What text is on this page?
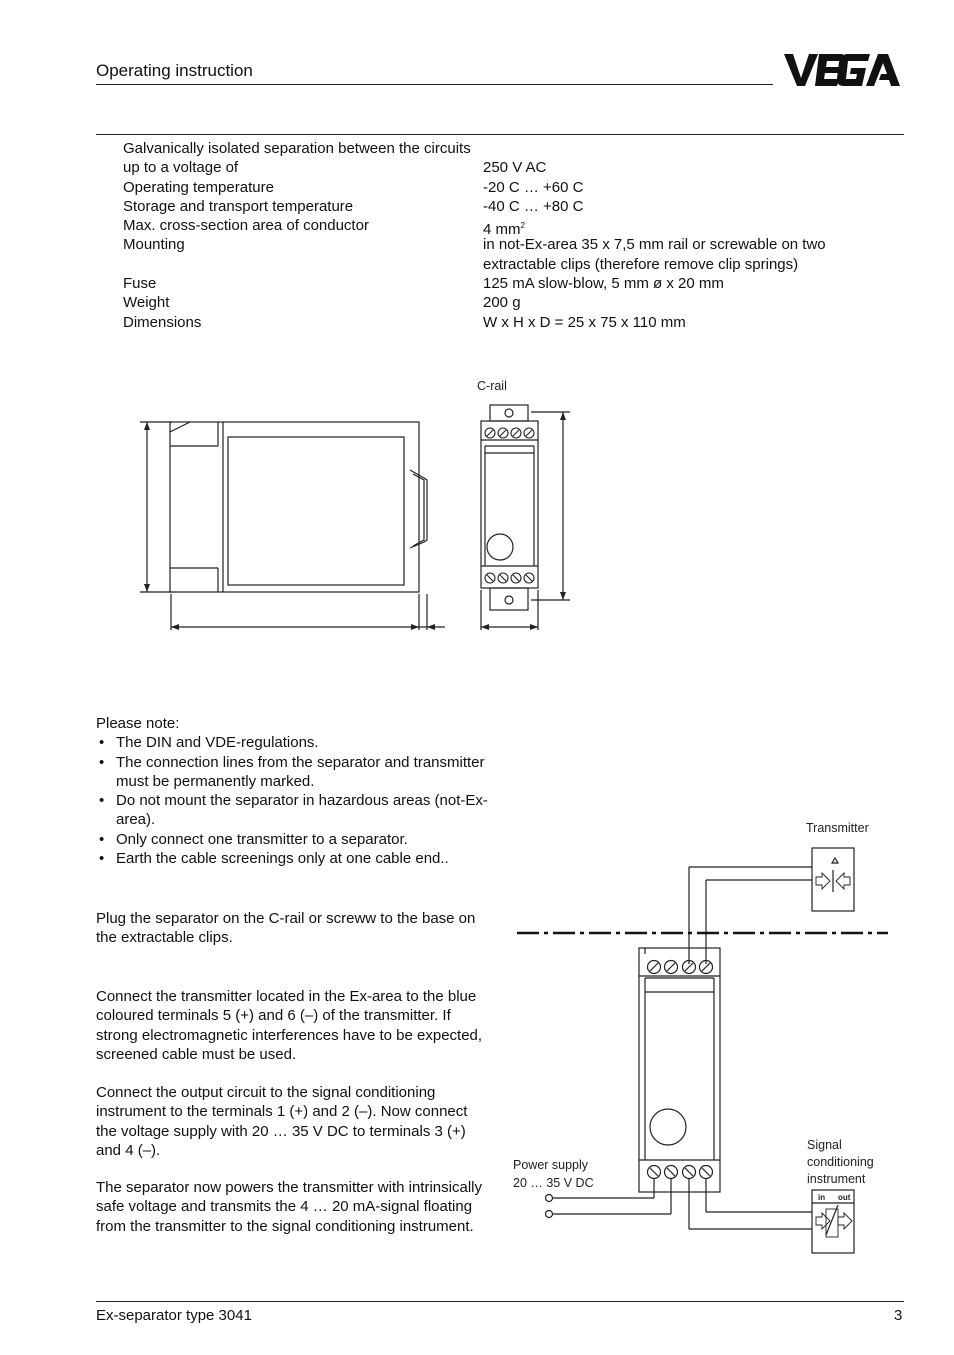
Operating instruction
Galvanically isolated separation between the circuits
up to a voltage of	250 V AC
Operating temperature	-20 C … +60 C
Storage and transport temperature	-40 C … +80 C
Max. cross-section area of conductor	4 $mm^2$
Mounting	in not-Ex-area 35 x 7,5 mm rail or screwable on two extractable clips (therefore remove clip springs)
Fuse	125 mA slow-blow, 5 mm ø x 20 mm
Weight	200 g
Dimensions	W x H x D = 25 x 75 x 110 mm
C-rail
Please note:
• The DIN and VDE-regulations.
• The connection lines from the separator and transmitter must be permanently marked.
• Do not mount the separator in hazardous areas (not-Ex-area).
• Only connect one transmitter to a separator.
• Earth the cable screenings only at one cable end..
Plug the separator on the C-rail or screww to the base on the extractable clips.
Connect the transmitter located in the Ex-area to the blue coloured terminals 5 (+) and 6 (–) of the transmitter. If strong electromagnetic interferences have to be expected, screened cable must be used.
Connect the output circuit to the signal conditioning instrument to the terminals 1 (+) and 2 (–). Now connect the voltage supply with 20 … 35 V DC to terminals 3 (+) and 4 (–).
The separator now powers the transmitter with intrinsically safe voltage and transmits the 4 … 20 mA-signal floating from the transmitter to the signal conditioning instrument.
Transmitter
Power supply
20 … 35 V DC
Signal
conditioning
instrument
in out
Ex-separator type 3041	3
